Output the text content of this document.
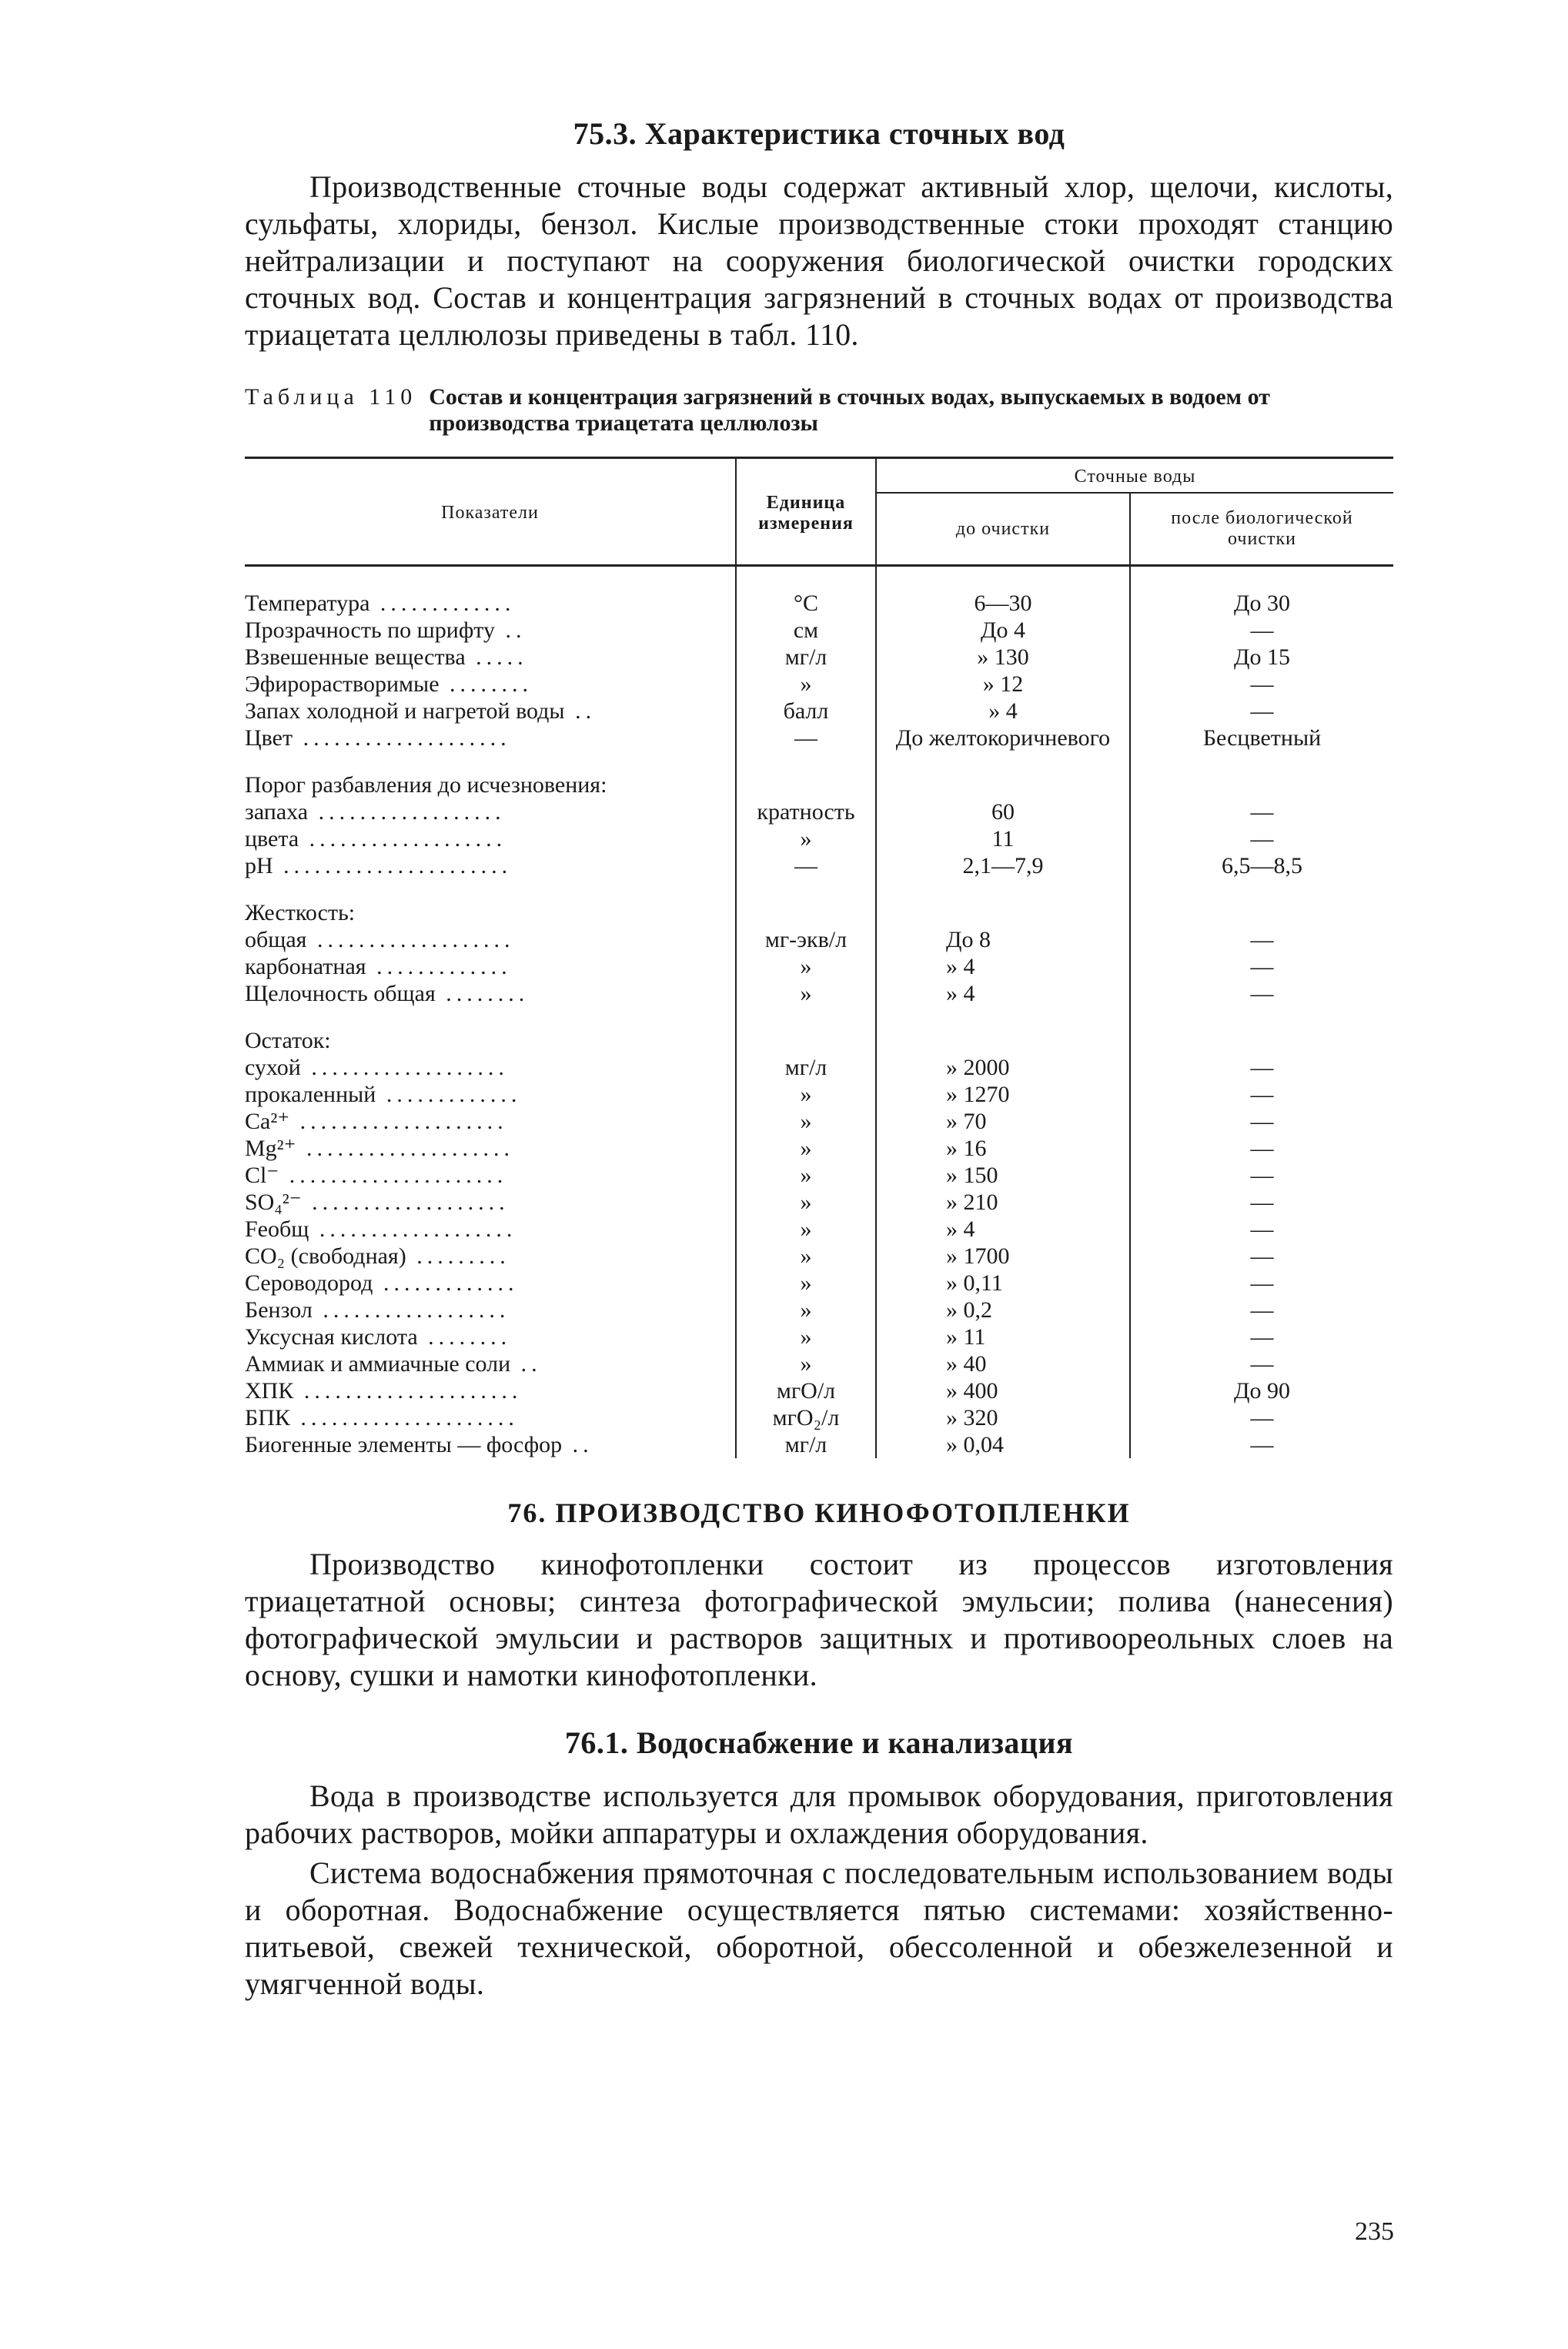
75.3. Характеристика сточных вод

Производственные сточные воды содержат активный хлор, щелочи, кислоты, сульфаты, хлориды, бензол. Кислые производственные стоки проходят станцию нейтрализации и поступают на сооружения биологической очистки городских сточных вод. Состав и концентрация загрязнений в сточных водах от производства триацетата целлюлозы приведены в табл. 110.

Таблица 110 Состав и концентрация загрязнений в сточных водах, выпускаемых в водоем от производства триацетата целлюлозы
Показатели	Единица измерения	Сточные воды	
		до очистки	после биологической очистки
Температура .............	°С	6—30	До 30
Прозрачность по шрифту ..	см	До 4	—
Взвешенные вещества .....	мг/л	» 130	До 15
Эфирорастворимые ........	»	» 12	—
Запах холодной и нагретой воды ..	балл	» 4	—
Цвет ....................	—	До желтокоричневого	Бесцветный

Порог разбавления до исчезновения:			
запаха ..................	кратность	60	—
цвета ...................	»	11	—
pH ......................	—	2,1—7,9	6,5—8,5

Жесткость:			
общая ...................	мг-экв/л	До 8	—
карбонатная .............	»	» 4	—
Щелочность общая ........	»	» 4	—

Остаток:			
сухой ...................	мг/л	» 2000	—
прокаленный .............	»	» 1270	—
Ca²⁺ ....................	»	» 70	—
Mg²⁺ ....................	»	» 16	—
Cl⁻ .....................	»	» 150	—
SO₄²⁻ ...................	»	» 210	—
Feобщ ...................	»	» 4	—
CO₂ (свободная) .........	»	» 1700	—
Сероводород .............	»	» 0,11	—
Бензол ..................	»	» 0,2	—
Уксусная кислота ........	»	» 11	—
Аммиак и аммиачные соли ..	»	» 40	—
ХПК .....................	мгО/л	» 400	До 90
БПК .....................	мгО₂/л	» 320	—
Биогенные элементы — фосфор ..	мг/л	» 0,04	—
76. ПРОИЗВОДСТВО КИНОФОТОПЛЕНКИ

Производство кинофотопленки состоит из процессов изготовления триацетатной основы; синтеза фотографической эмульсии; полива (нанесения) фотографической эмульсии и растворов защитных и противоореольных слоев на основу, сушки и намотки кинофотопленки.

76.1. Водоснабжение и канализация

Вода в производстве используется для промывок оборудования, приготовления рабочих растворов, мойки аппаратуры и охлаждения оборудования.

Система водоснабжения прямоточная с последовательным использованием воды и оборотная. Водоснабжение осуществляется пятью системами: хозяйственно-питьевой, свежей технической, оборотной, обессоленной и обезжелезенной и умягченной воды.

235
